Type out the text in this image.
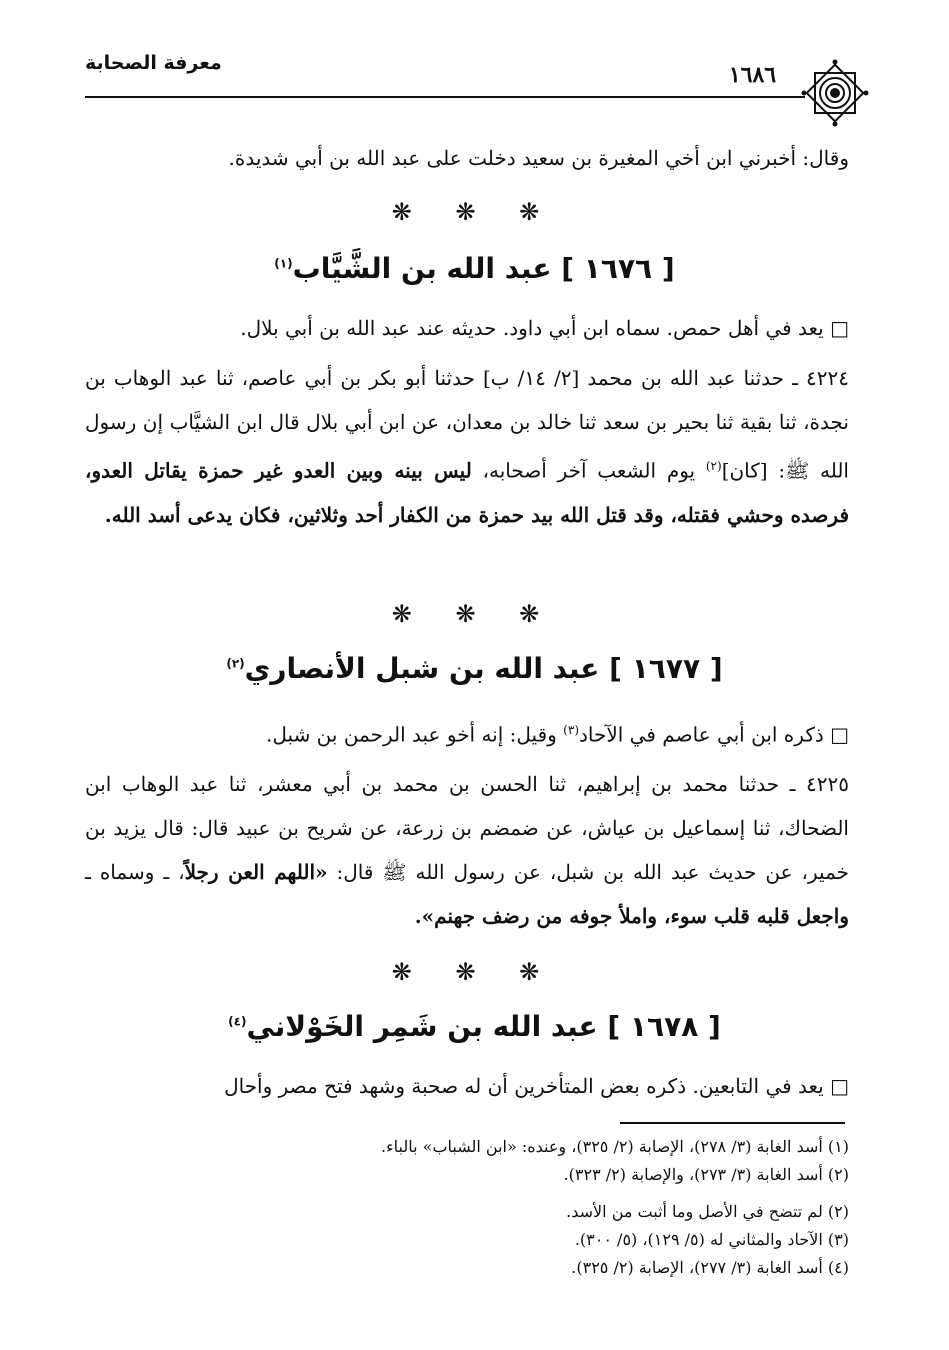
معرفة الصحابة	١٦٨٦
وقال: أخبرني ابن أخي المغيرة بن سعيد دخلت على عبد الله بن أبي شديدة.
❋ ❋ ❋
[ ١٦٧٦ ] عبد الله بن الشَّيَّاب$^{(١)}$
□ يعد في أهل حمص. سماه ابن أبي داود. حديثه عند عبد الله بن أبي بلال.
٤٢٢٤ ـ حدثنا عبد الله بن محمد [٢/ ١٤/ ب] حدثنا أبو بكر بن أبي عاصم، ثنا عبد الوهاب بن نجدة، ثنا بقية ثنا بحير بن سعد ثنا خالد بن معدان، عن ابن أبي بلال قال ابن الشيَّاب إن رسول الله ﷺ: [كان]$^{(٢)}$ يوم الشعب آخر أصحابه، ليس بينه وبين العدو غير حمزة يقاتل العدو، فرصده وحشي فقتله، وقد قتل الله بيد حمزة من الكفار أحد وثلاثين، فكان يدعى أسد الله.
❋ ❋ ❋
[ ١٦٧٧ ] عبد الله بن شبل الأنصاري$^{(٢)}$
□ ذكره ابن أبي عاصم في الآحاد$^{(٣)}$ وقيل: إنه أخو عبد الرحمن بن شبل.
٤٢٢٥ ـ حدثنا محمد بن إبراهيم، ثنا الحسن بن محمد بن أبي معشر، ثنا عبد الوهاب ابن الضحاك، ثنا إسماعيل بن عياش، عن ضمضم بن زرعة، عن شريح بن عبيد قال: قال يزيد بن خمير، عن حديث عبد الله بن شبل، عن رسول الله ﷺ قال: «اللهم العن رجلاً، ـ وسماه ـ واجعل قلبه قلب سوء، واملأ جوفه من رضف جهنم».
❋ ❋ ❋
[ ١٦٧٨ ] عبد الله بن شَمِر الخَوْلاني$^{(٤)}$
□ يعد في التابعين. ذكره بعض المتأخرين أن له صحبة وشهد فتح مصر وأحال
(١) أسد الغابة (٣/ ٢٧٨)، الإصابة (٢/ ٣٢٥)، وعنده: «ابن الشباب» بالباء.
(٢) أسد الغابة (٣/ ٢٧٣)، والإصابة (٢/ ٣٢٣).
(٢) لم تتضح في الأصل وما أثبت من الأسد.
(٣) الآحاد والمثاني له (٥/ ١٢٩)، (٥/ ٣٠٠).
(٤) أسد الغابة (٣/ ٢٧٧)، الإصابة (٢/ ٣٢٥).
